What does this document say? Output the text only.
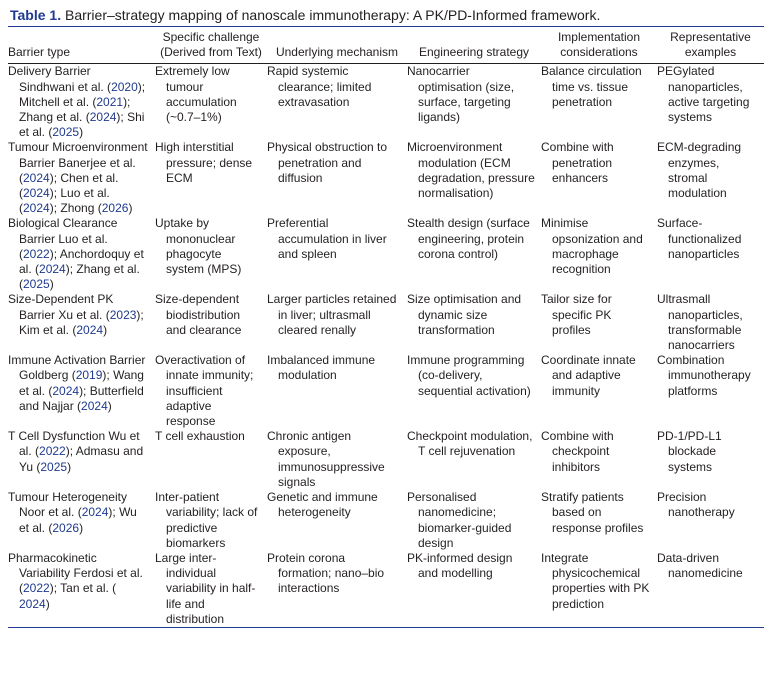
Table 1. Barrier–strategy mapping of nanoscale immunotherapy: A PK/PD-Informed framework.
Barrier type	Specific challenge (Derived from Text)	Underlying mechanism	Engineering strategy	Implementation considerations	Representative examples

Delivery Barrier Sindhwani et al. (2020); Mitchell et al. (2021); Zhang et al. (2024); Shi et al. (2025)	Extremely low tumour accumulation (~0.7–1%)	Rapid systemic clearance; limited extravasation	Nanocarrier optimisation (size, surface, targeting ligands)	Balance circulation time vs. tissue penetration	PEGylated nanoparticles, active targeting systems

Tumour Microenvironment Barrier Banerjee et al. (2024); Chen et al. (2024); Luo et al. (2024); Zhong (2026)	High interstitial pressure; dense ECM	Physical obstruction to penetration and diffusion	Microenvironment modulation (ECM degradation, pressure normalisation)	Combine with penetration enhancers	ECM-degrading enzymes, stromal modulation

Biological Clearance Barrier Luo et al. (2022); Anchordoquy et al. (2024); Zhang et al. (2025)	Uptake by mononuclear phagocyte system (MPS)	Preferential accumulation in liver and spleen	Stealth design (surface engineering, protein corona control)	Minimise opsonization and macrophage recognition	Surface-functionalized nanoparticles

Size-Dependent PK Barrier Xu et al. (2023); Kim et al. (2024)	Size-dependent biodistribution and clearance	Larger particles retained in liver; ultrasmall cleared renally	Size optimisation and dynamic size transformation	Tailor size for specific PK profiles	Ultrasmall nanoparticles, transformable nanocarriers

Immune Activation Barrier Goldberg (2019); Wang et al. (2024); Butterfield and Najjar (2024)	Overactivation of innate immunity; insufficient adaptive response	Imbalanced immune modulation	Immune programming (co-delivery, sequential activation)	Coordinate innate and adaptive immunity	Combination immunotherapy platforms

T Cell Dysfunction Wu et al. (2022); Admasu and Yu (2025)	T cell exhaustion	Chronic antigen exposure, immunosuppressive signals	Checkpoint modulation, T cell rejuvenation	Combine with checkpoint inhibitors	PD-1/PD-L1 blockade systems

Tumour Heterogeneity Noor et al. (2024); Wu et al. (2026)	Inter-patient variability; lack of predictive biomarkers	Genetic and immune heterogeneity	Personalised nanomedicine; biomarker-guided design	Stratify patients based on response profiles	Precision nanotherapy

Pharmacokinetic Variability Ferdosi et al. (2022); Tan et al. ( 2024)	Large inter-individual variability in half-life and distribution	Protein corona formation; nano–bio interactions	PK-informed design and modelling	Integrate physicochemical properties with PK prediction	Data-driven nanomedicine
